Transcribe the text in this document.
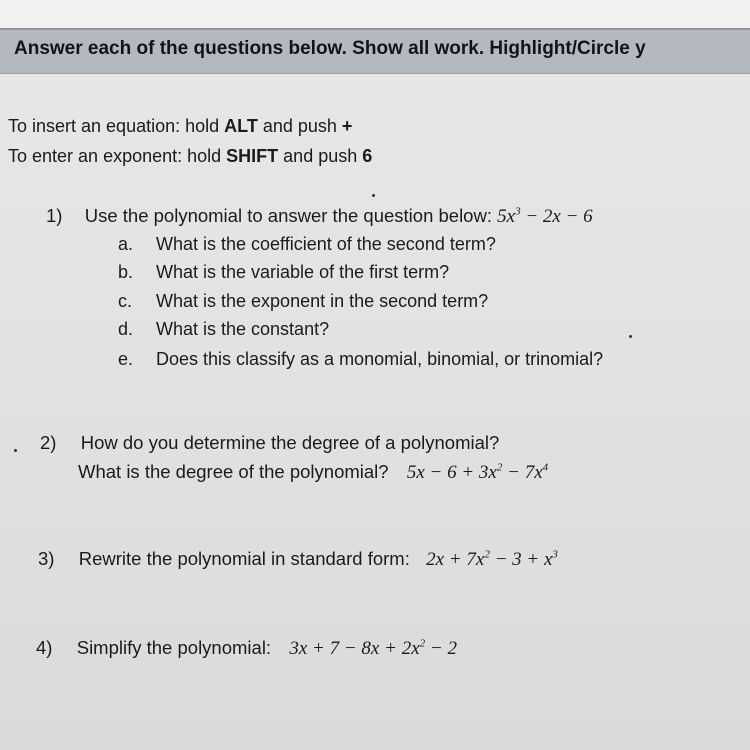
Answer each of the questions below. Show all work. Highlight/Circle y
To insert an equation: hold ALT and push +
To enter an exponent: hold SHIFT and push 6
1) Use the polynomial to answer the question below: $5x^3 - 2x - 6$
a. What is the coefficient of the second term?
b. What is the variable of the first term?
c. What is the exponent in the second term?
d. What is the constant?
e. Does this classify as a monomial, binomial, or trinomial?
2) How do you determine the degree of a polynomial?
What is the degree of the polynomial? $5x - 6 + 3x^2 - 7x^4$
3) Rewrite the polynomial in standard form: $2x + 7x^2 - 3 + x^3$
4) Simplify the polynomial: $3x + 7 - 8x + 2x^2 - 2$
